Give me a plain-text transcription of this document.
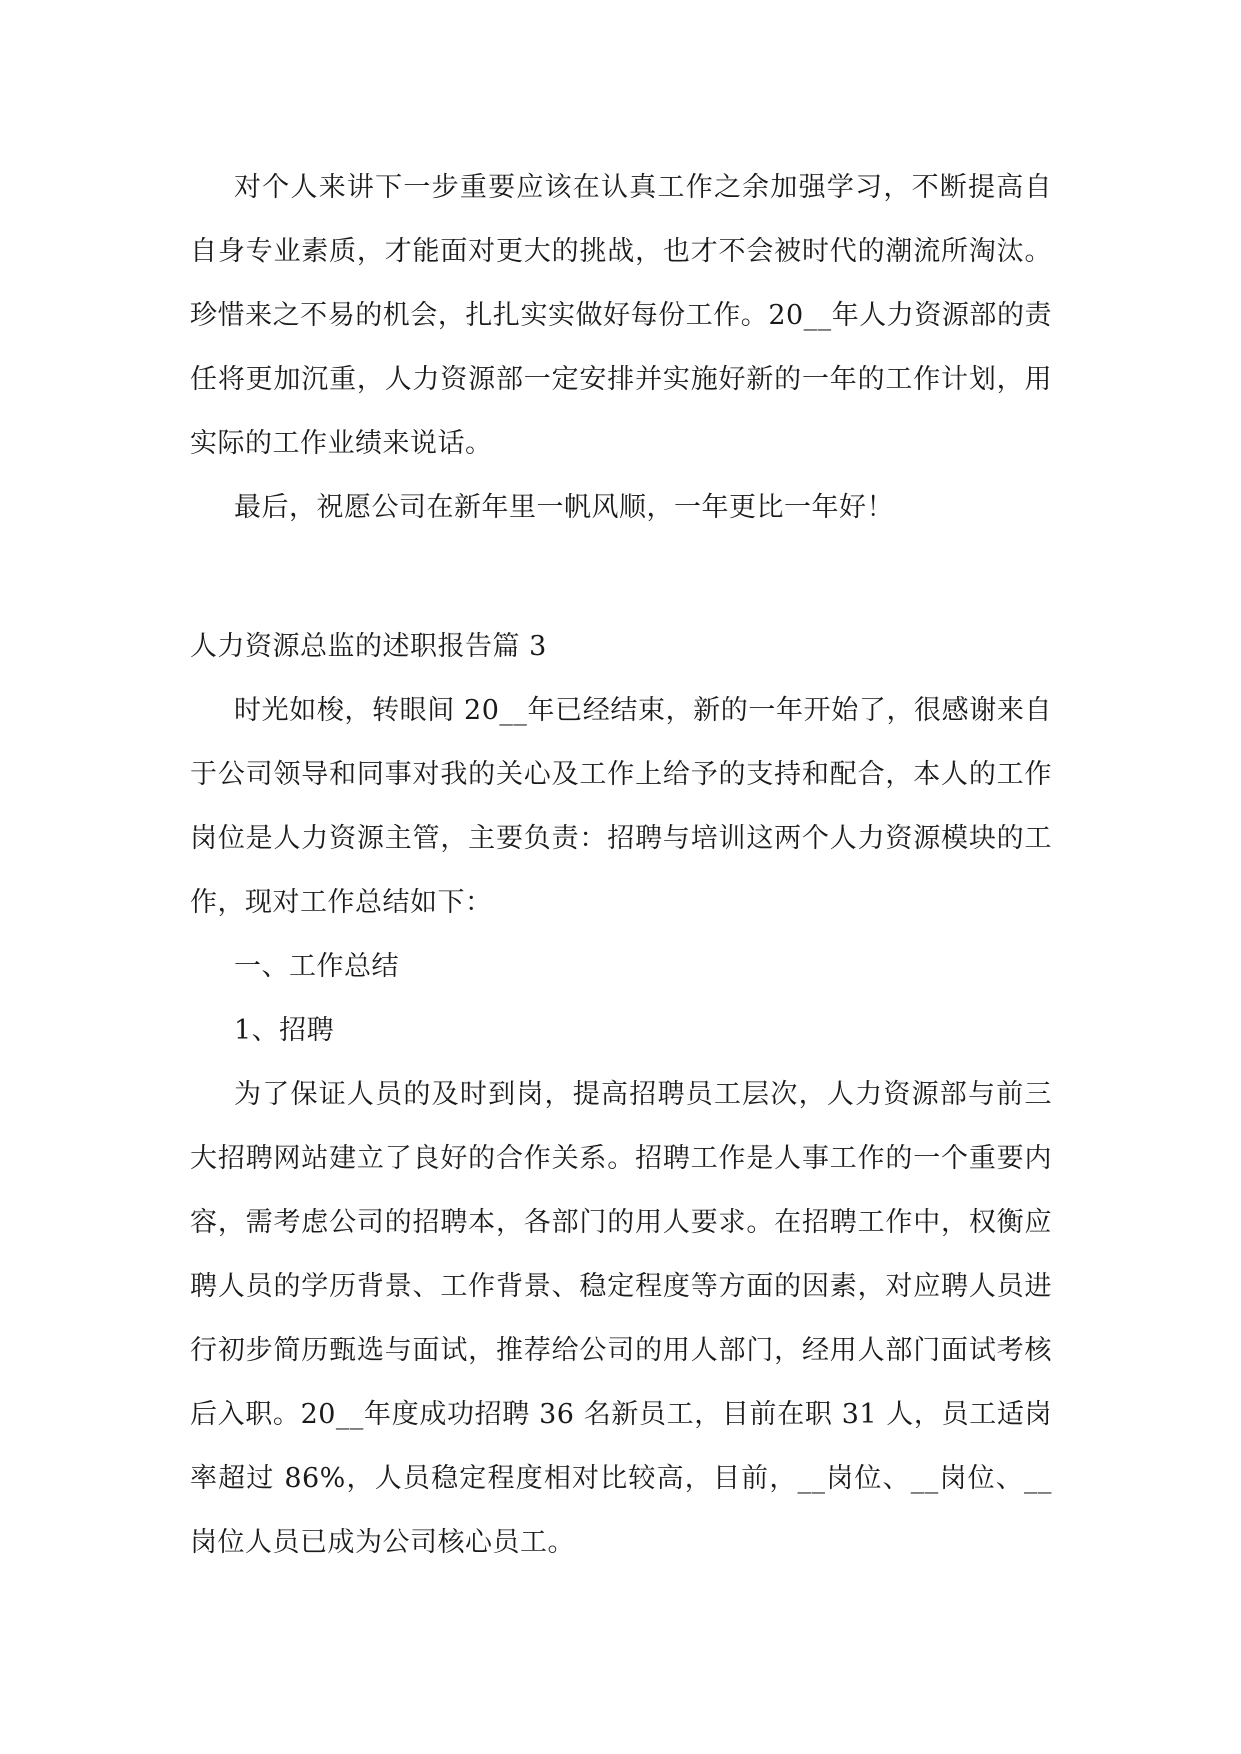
对个人来讲下一步重要应该在认真工作之余加强学习，不断提高自自身专业素质，才能面对更大的挑战，也才不会被时代的潮流所淘汰。珍惜来之不易的机会，扎扎实实做好每份工作。20__年人力资源部的责任将更加沉重，人力资源部一定安排并实施好新的一年的工作计划，用实际的工作业绩来说话。

最后，祝愿公司在新年里一帆风顺，一年更比一年好！

人力资源总监的述职报告篇 3

时光如梭，转眼间 20__年已经结束，新的一年开始了，很感谢来自于公司领导和同事对我的关心及工作上给予的支持和配合，本人的工作岗位是人力资源主管，主要负责：招聘与培训这两个人力资源模块的工作，现对工作总结如下：

一、工作总结

1、招聘

为了保证人员的及时到岗，提高招聘员工层次，人力资源部与前三大招聘网站建立了良好的合作关系。招聘工作是人事工作的一个重要内容，需考虑公司的招聘本，各部门的用人要求。在招聘工作中，权衡应聘人员的学历背景、工作背景、稳定程度等方面的因素，对应聘人员进行初步简历甄选与面试，推荐给公司的用人部门，经用人部门面试考核后入职。20__年度成功招聘 36 名新员工，目前在职 31 人，员工适岗率超过 86%，人员稳定程度相对比较高，目前，__岗位、__岗位、__岗位人员已成为公司核心员工。
